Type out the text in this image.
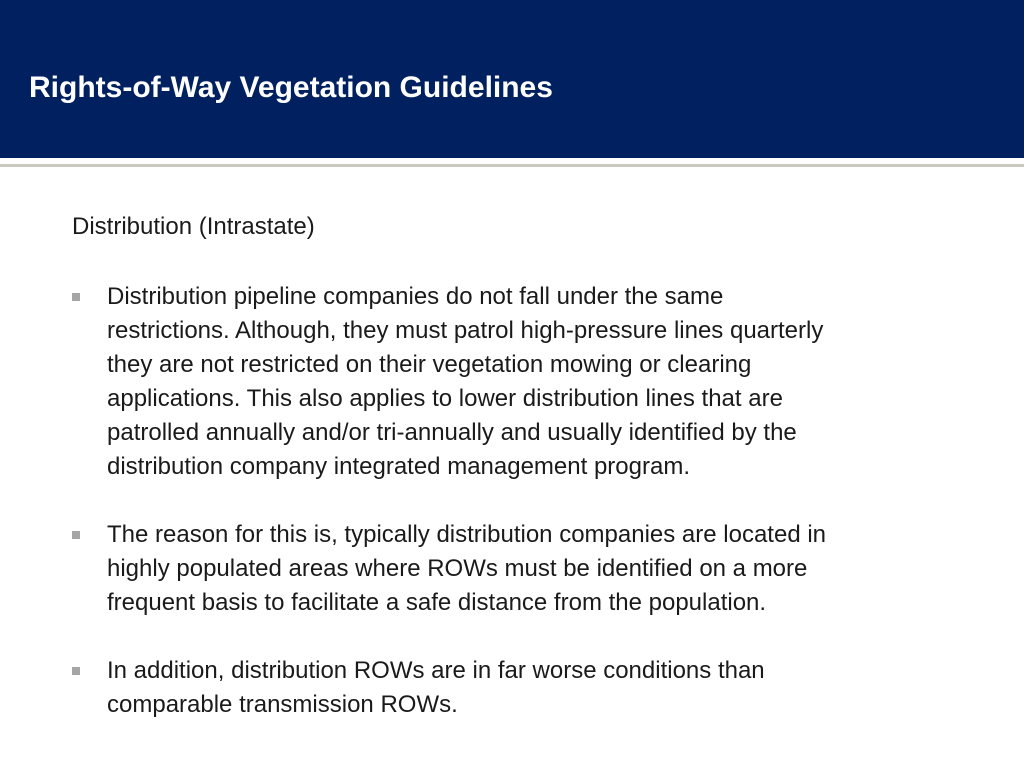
Rights-of-Way Vegetation Guidelines

Distribution (Intrastate)

Distribution pipeline companies do not fall under the same
restrictions. Although, they must patrol high-pressure lines quarterly
they are not restricted on their vegetation mowing or clearing
applications. This also applies to lower distribution lines that are
patrolled annually and/or tri-annually and usually identified by the
distribution company integrated management program.
The reason for this is, typically distribution companies are located in
highly populated areas where ROWs must be identified on a more
frequent basis to facilitate a safe distance from the population.
In addition, distribution ROWs are in far worse conditions than
comparable transmission ROWs.
